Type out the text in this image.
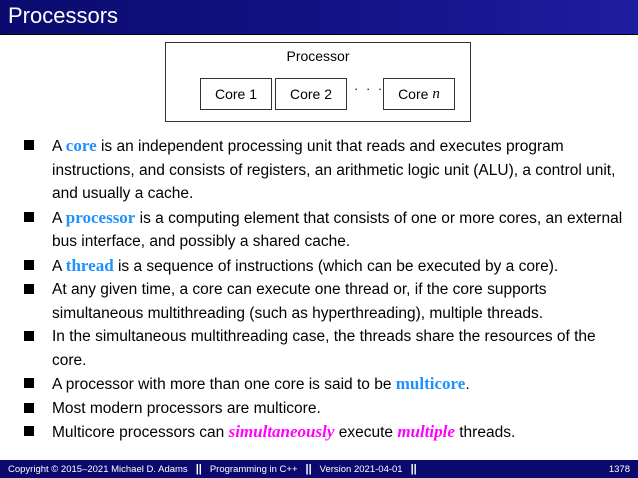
Processors
Processor
Core 1	Core 2	· · · Core n
A core is an independent processing unit that reads and executes program instructions, and consists of registers, an arithmetic logic unit (ALU), a control unit, and usually a cache.
A processor is a computing element that consists of one or more cores, an external bus interface, and possibly a shared cache.
A thread is a sequence of instructions (which can be executed by a core).
At any given time, a core can execute one thread or, if the core supports simultaneous multithreading (such as hyperthreading), multiple threads.
In the simultaneous multithreading case, the threads share the resources of the core.
A processor with more than one core is said to be multicore.
Most modern processors are multicore.
Multicore processors can simultaneously execute multiple threads.
Copyright © 2015–2021 Michael D. Adams || Programming in C++ || Version 2021-04-01 ||	1378
